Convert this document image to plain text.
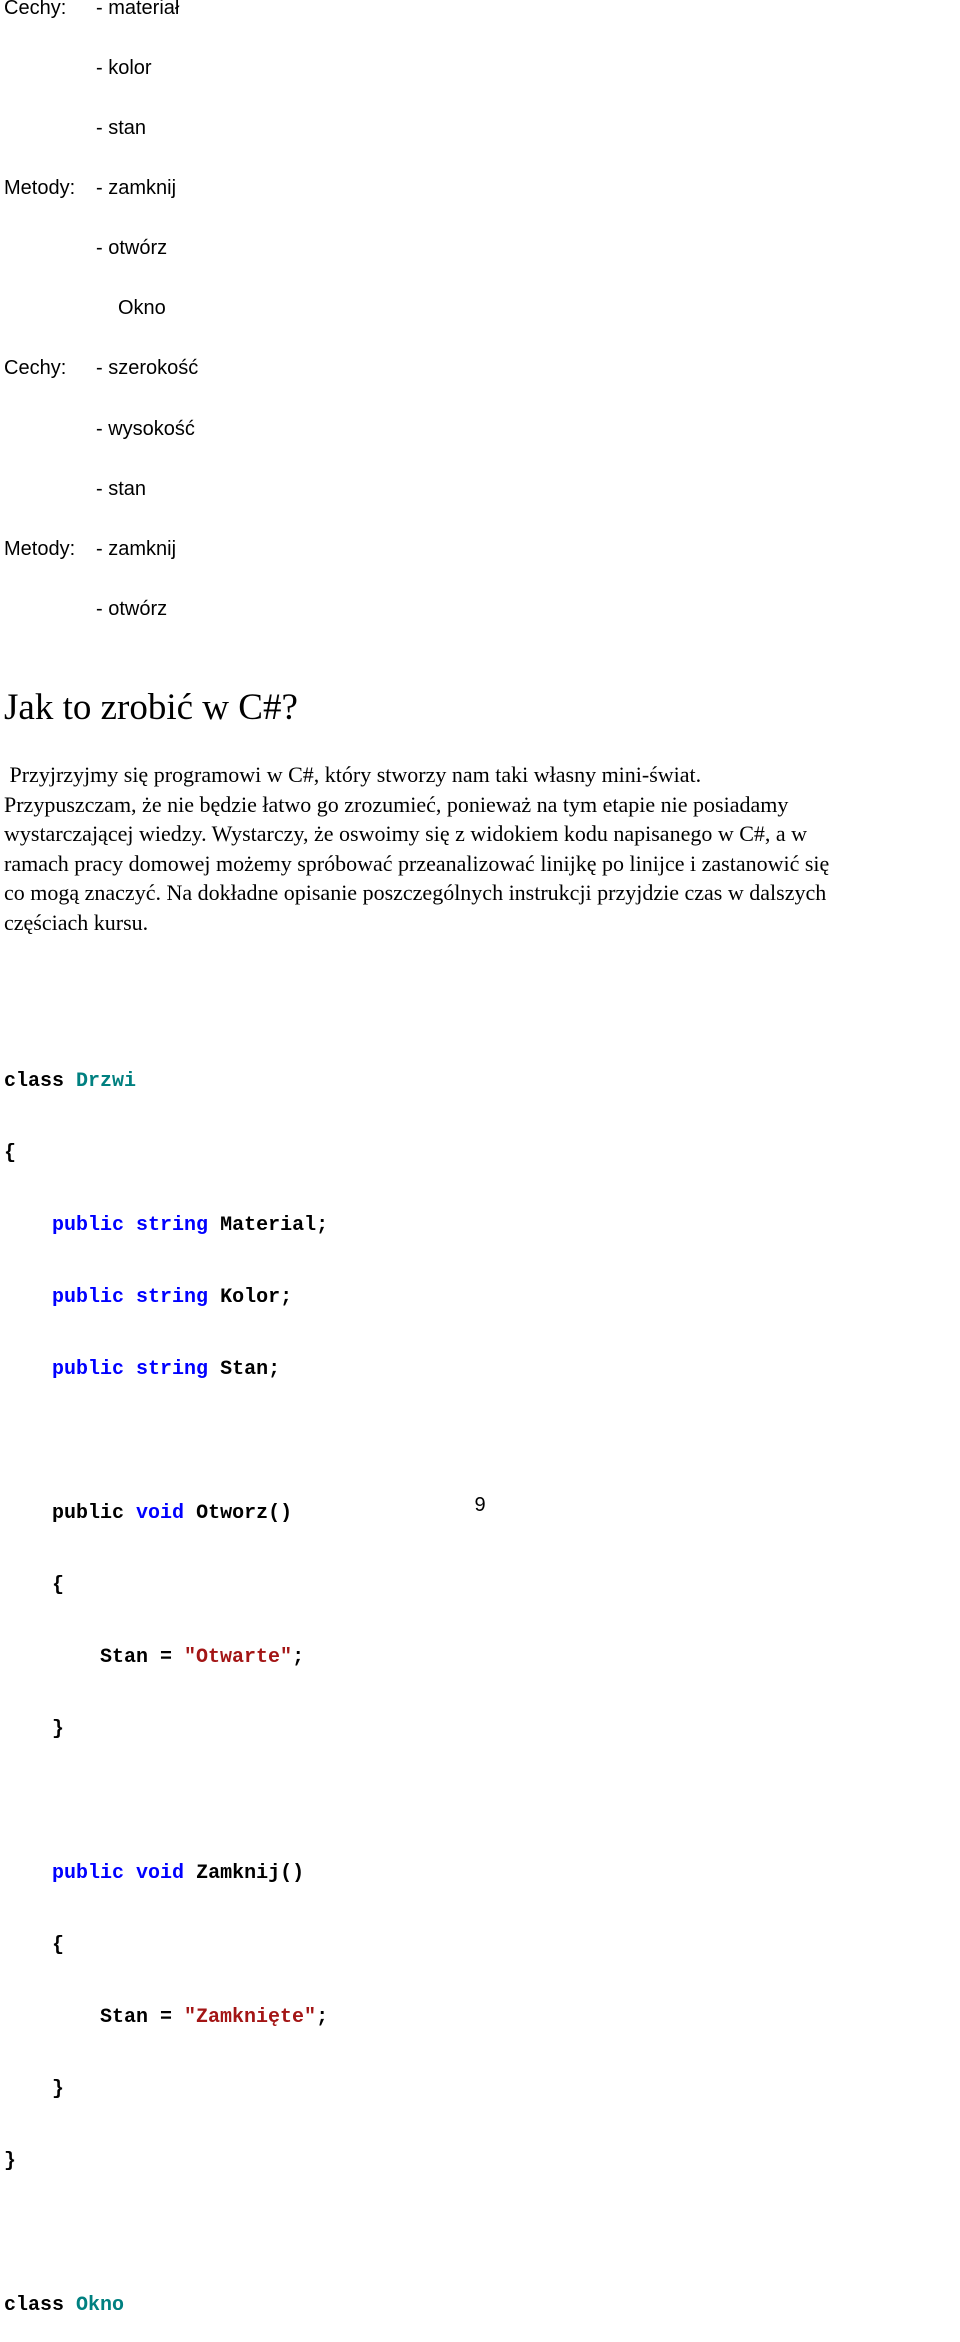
Cechy: - materiał
- kolor
- stan
Metody: - zamknij
- otwórz
Okno
Cechy: - szerokość
- wysokość
- stan
Metody: - zamknij
- otwórz
Jak to zrobić w C#?

Przyjrzyjmy się programowi w C#, który stworzy nam taki własny mini-świat.

Przypuszczam, że nie będzie łatwo go zrozumieć, ponieważ na tym etapie nie posiadamy

wystarczającej wiedzy. Wystarczy, że oswoimy się z widokiem kodu napisanego w C#, a w

ramach pracy domowej możemy spróbować przeanalizować linijkę po linijce i zastanowić się

co mogą znaczyć. Na dokładne opisanie poszczególnych instrukcji przyjdzie czas w dalszych

częściach kursu.

class Drzwi

{

public string Material;

public string Kolor;

public string Stan;

public void Otworz()

{

Stan = "Otwarte";

}

public void Zamknij()

{

Stan = "Zamknięte";

}

}

class Okno

9
